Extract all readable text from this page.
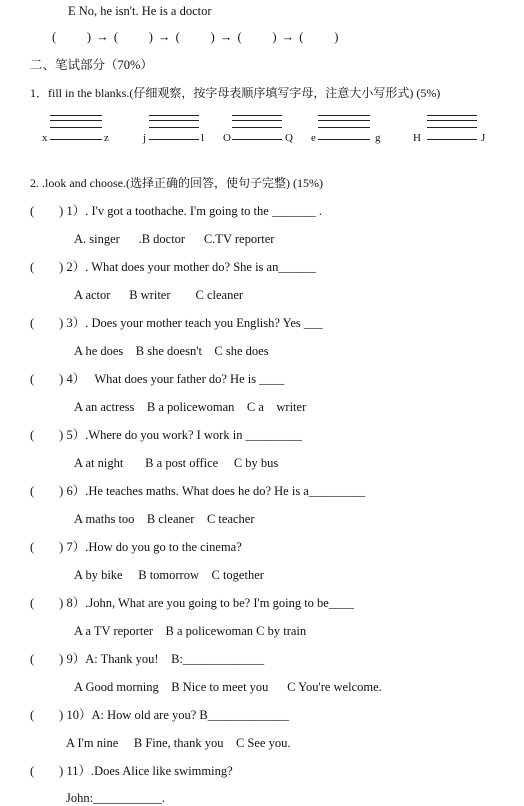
E No, he isn't. He is a doctor
(      ) → (      ) → (      ) → (      ) → (      )
二、笔试部分（70%）
1．fill in the blanks.(仔细观察，按字母表顺序填写字母，注意大小写形式) (5%)
x	z	j	l O	Q e	g	H	J
2. .look and choose.(选择正确的回答，使句子完整) (15%)
(        ) 1）. I'v got a toothache. I'm going to the _______ .
A. singer      .B doctor      C.TV reporter
(        ) 2）. What does your mother do? She is an______
A actor      B writer        C cleaner
(        ) 3）. Does your mother teach you English? Yes ___
A he does    B she doesn't    C she does
(        ) 4）   What does your father do? He is ____
A an actress    B a policewoman    C a    writer
(        ) 5）.Where do you work? I work in _________
A at night       B a post office     C by bus
(        ) 6）.He teaches maths. What does he do? He is a_________
A maths too    B cleaner    C teacher
(        ) 7）.How do you go to the cinema?
A by bike     B tomorrow    C together
(        ) 8）.John, What are you going to be? I'm going to be____
A a TV reporter    B a policewoman C by train
(        ) 9）A: Thank you!    B:_____________
A Good morning    B Nice to meet you      C You're welcome.
(        ) 10）A: How old are you? B_____________
A I'm nine     B Fine, thank you    C See you.
(        ) 11）.Does Alice like swimming?
John:___________.
